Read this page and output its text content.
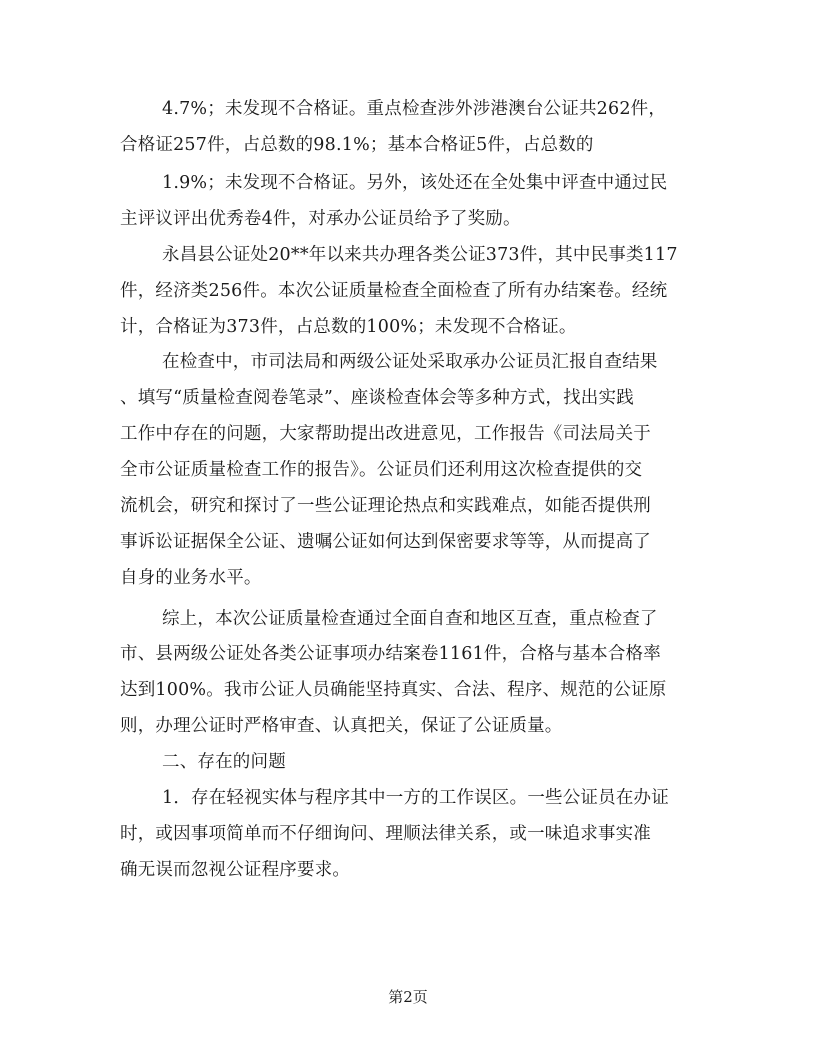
4.7%；未发现不合格证。重点检查涉外涉港澳台公证共262件，
合格证257件，占总数的98.1%；基本合格证5件，占总数的
1.9%；未发现不合格证。另外，该处还在全处集中评查中通过民
主评议评出优秀卷4件，对承办公证员给予了奖励。
永昌县公证处20**年以来共办理各类公证373件，其中民事类117
件，经济类256件。本次公证质量检查全面检查了所有办结案卷。经统
计，合格证为373件，占总数的100%；未发现不合格证。
在检查中，市司法局和两级公证处采取承办公证员汇报自查结果
、填写“质量检查阅卷笔录”、座谈检查体会等多种方式，找出实践
工作中存在的问题，大家帮助提出改进意见，工作报告《司法局关于
全市公证质量检查工作的报告》。公证员们还利用这次检查提供的交
流机会，研究和探讨了一些公证理论热点和实践难点，如能否提供刑
事诉讼证据保全公证、遗嘱公证如何达到保密要求等等，从而提高了
自身的业务水平。
综上，本次公证质量检查通过全面自查和地区互查，重点检查了
市、县两级公证处各类公证事项办结案卷1161件，合格与基本合格率
达到100%。我市公证人员确能坚持真实、合法、程序、规范的公证原
则，办理公证时严格审查、认真把关，保证了公证质量。
二、存在的问题
1．存在轻视实体与程序其中一方的工作误区。一些公证员在办证
时，或因事项简单而不仔细询问、理顺法律关系，或一味追求事实准
确无误而忽视公证程序要求。
第2页
